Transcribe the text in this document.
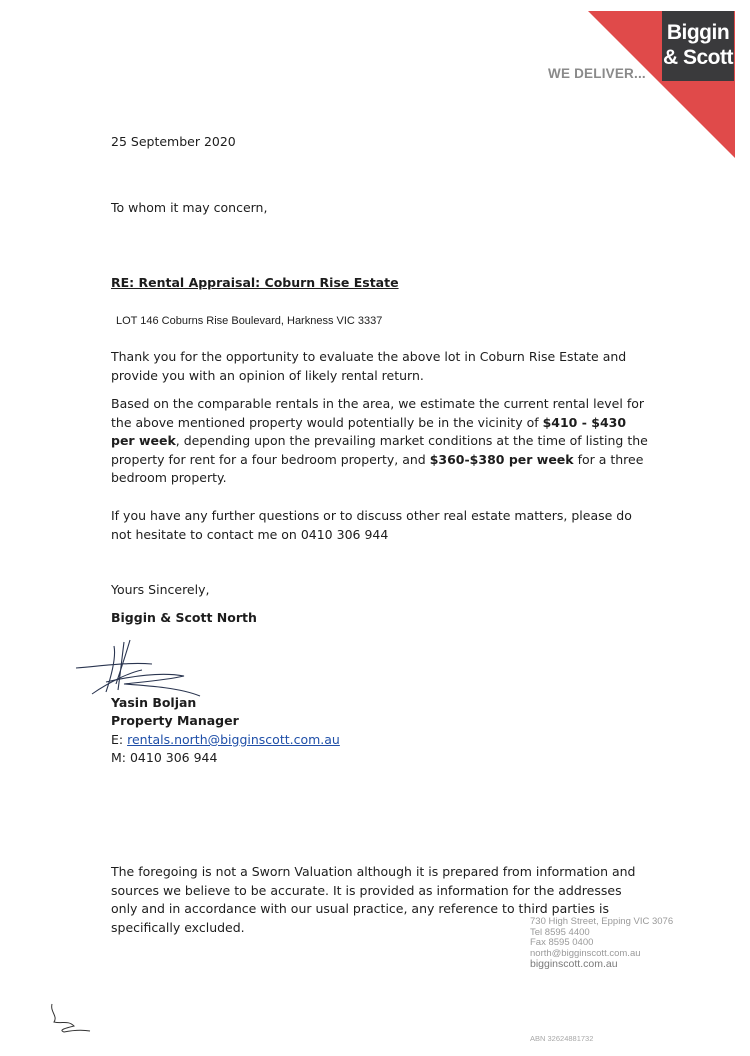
Biggin
& Scott
WE DELIVER...
25 September 2020
To whom it may concern,
RE: Rental Appraisal: Coburn Rise Estate
LOT 146 Coburns Rise Boulevard, Harkness VIC 3337
Thank you for the opportunity to evaluate the above lot in Coburn Rise Estate and provide you with an opinion of likely rental return.
Based on the comparable rentals in the area, we estimate the current rental level for the above mentioned property would potentially be in the vicinity of $410 - $430 per week, depending upon the prevailing market conditions at the time of listing the property for rent for a four bedroom property, and $360-$380 per week for a three bedroom property.
If you have any further questions or to discuss other real estate matters, please do not hesitate to contact me on 0410 306 944
Yours Sincerely,
Biggin & Scott North
Yasin Boljan
Property Manager
E: rentals.north@bigginscott.com.au
M: 0410 306 944
The foregoing is not a Sworn Valuation although it is prepared from information and sources we believe to be accurate. It is provided as information for the addresses only and in accordance with our usual practice, any reference to third parties is specifically excluded.	730 High Street, Epping VIC 3076
Tel 8595 4400
Fax 8595 0400
north@bigginscott.com.au
bigginscott.com.au
ABN 32624881732
